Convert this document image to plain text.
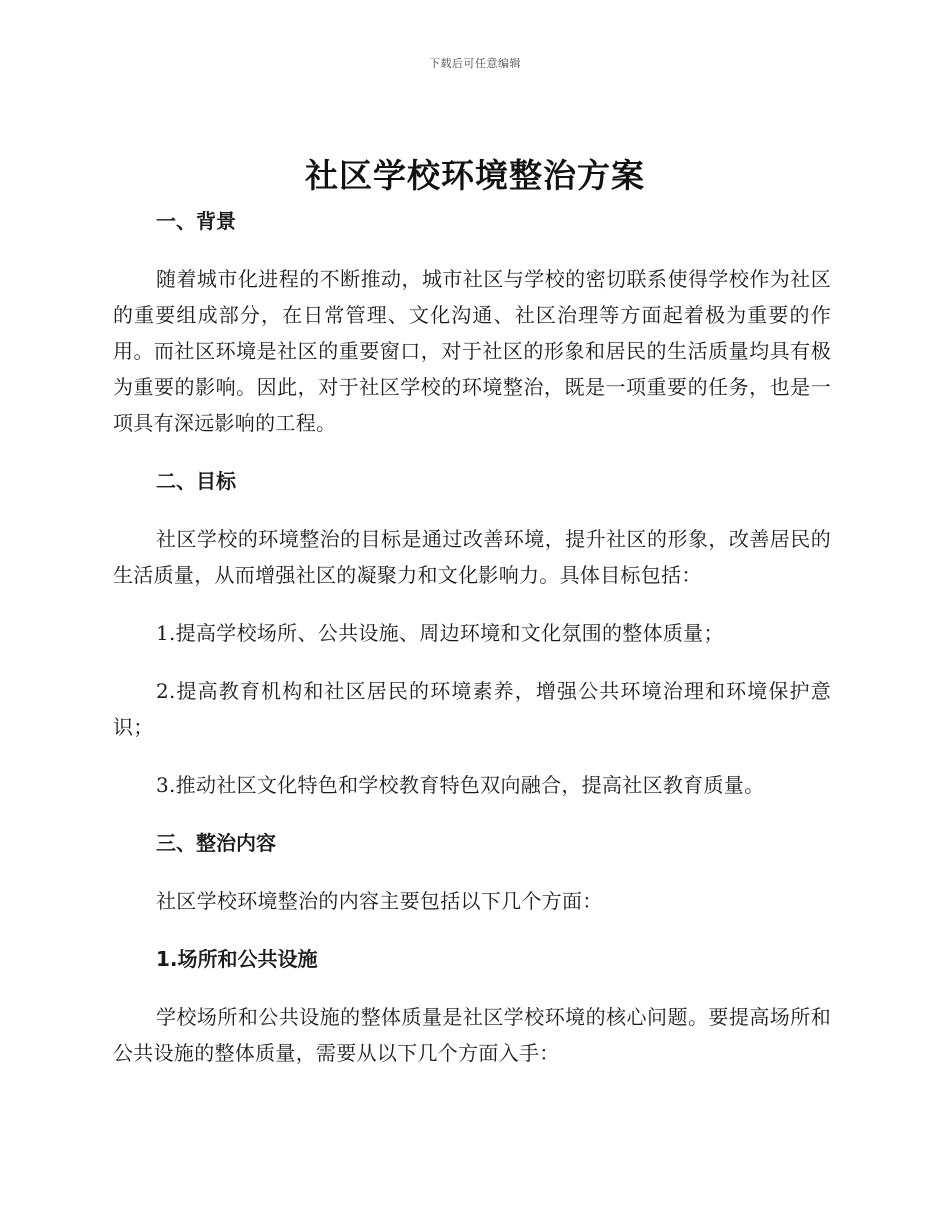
下载后可任意编辑
社区学校环境整治方案

一、背景

随着城市化进程的不断推动，城市社区与学校的密切联系使得学校作为社区的重要组成部分，在日常管理、文化沟通、社区治理等方面起着极为重要的作用。而社区环境是社区的重要窗口，对于社区的形象和居民的生活质量均具有极为重要的影响。因此，对于社区学校的环境整治，既是一项重要的任务，也是一项具有深远影响的工程。

二、目标

社区学校的环境整治的目标是通过改善环境，提升社区的形象，改善居民的生活质量，从而增强社区的凝聚力和文化影响力。具体目标包括：

1.提高学校场所、公共设施、周边环境和文化氛围的整体质量；

2.提高教育机构和社区居民的环境素养，增强公共环境治理和环境保护意识；

3.推动社区文化特色和学校教育特色双向融合，提高社区教育质量。

三、整治内容

社区学校环境整治的内容主要包括以下几个方面：

1.场所和公共设施

学校场所和公共设施的整体质量是社区学校环境的核心问题。要提高场所和公共设施的整体质量，需要从以下几个方面入手：
